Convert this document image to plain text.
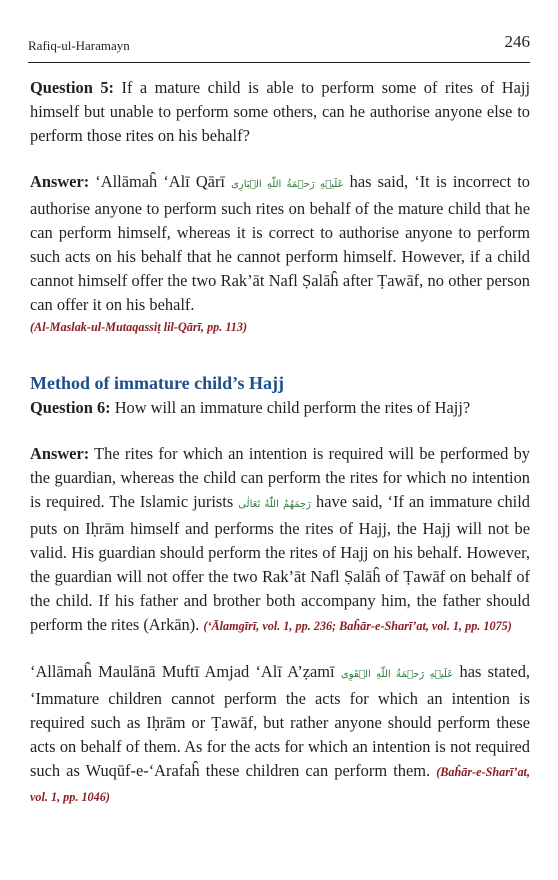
Rafiq-ul-Haramayn	246

Question 5: If a mature child is able to perform some of rites of Hajj himself but unable to perform some others, can he authorise anyone else to perform those rites on his behalf?

Answer: ‘Allāmaĥ ‘Alī Qārī عَلَيۡهِ رَحۡمَةُ اللّٰهِ الۡبَارِی has said, ‘It is incorrect to authorise anyone to perform such rites on behalf of the mature child that he can perform himself, whereas it is correct to authorise anyone to perform such acts on his behalf that he cannot perform himself. However, if a child cannot himself offer the two Rak’āt Nafl Ṣalāĥ after Ṭawāf, no other person can offer it on his behalf.
(Al-Maslak-ul-Mutaqassiṭ lil-Qārī, pp. 113)

Method of immature child’s Hajj

Question 6: How will an immature child perform the rites of Hajj?

Answer: The rites for which an intention is required will be performed by the guardian, whereas the child can perform the rites for which no intention is required. The Islamic jurists رَحِمَهُمُ اللّٰهُ تَعَالٰی have said, ‘If an immature child puts on Iḥrām himself and performs the rites of Hajj, the Hajj will not be valid. His guardian should perform the rites of Hajj on his behalf. However, the guardian will not offer the two Rak’āt Nafl Ṣalāĥ of Ṭawāf on behalf of the child. If his father and brother both accompany him, the father should perform the rites (Arkān). (‘Ālamgīrī, vol. 1, pp. 236; Baĥār-e-Sharī’at, vol. 1, pp. 1075)

‘Allāmaĥ Maulānā Muftī Amjad ‘Alī A’ẓamī عَلَيۡهِ رَحۡمَةُ اللّٰهِ الۡقَوِی has stated, ‘Immature children cannot perform the acts for which an intention is required such as Iḥrām or Ṭawāf, but rather anyone should perform these acts on behalf of them. As for the acts for which an intention is not required such as Wuqūf-e-‘Arafaĥ these children can perform them. (Baĥār-e-Sharī’at, vol. 1, pp. 1046)
